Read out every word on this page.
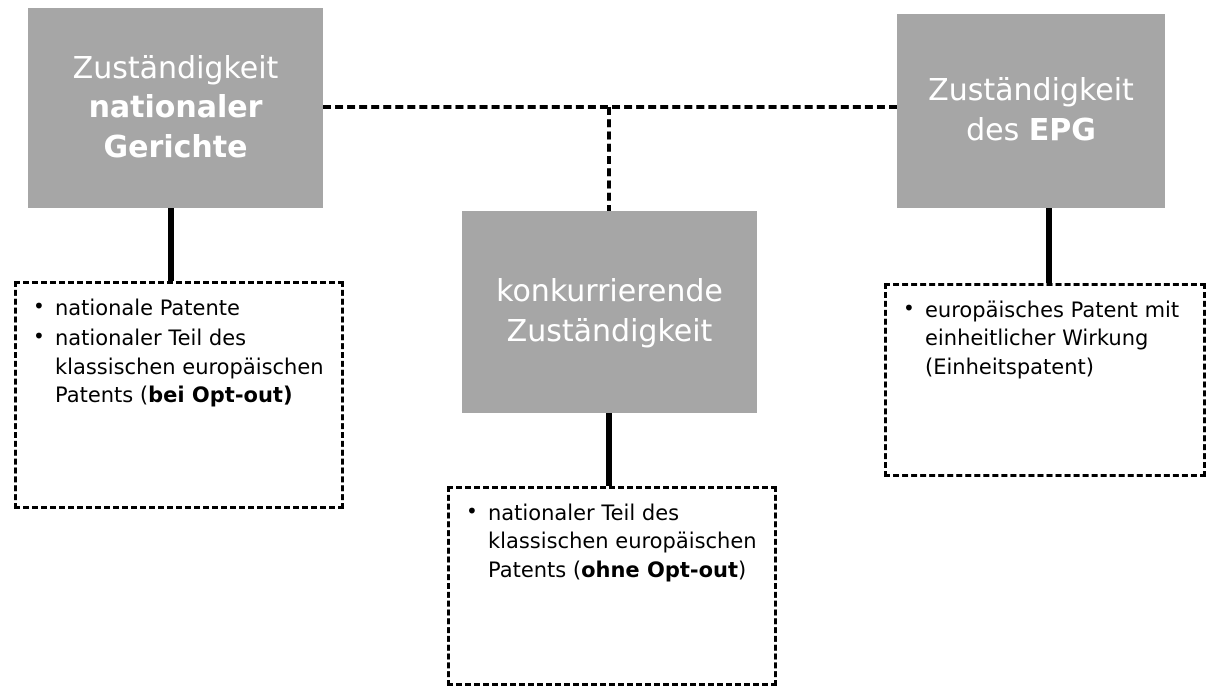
Zuständigkeit
nationaler
Gerichte
Zuständigkeit
des EPG
konkurrierende
Zuständigkeit
• nationale Patente
• nationaler Teil des klassischen europäischen Patents (bei Opt-out)
• nationaler Teil des klassischen europäischen Patents (ohne Opt-out)
• europäisches Patent mit einheitlicher Wirkung (Einheitspatent)
